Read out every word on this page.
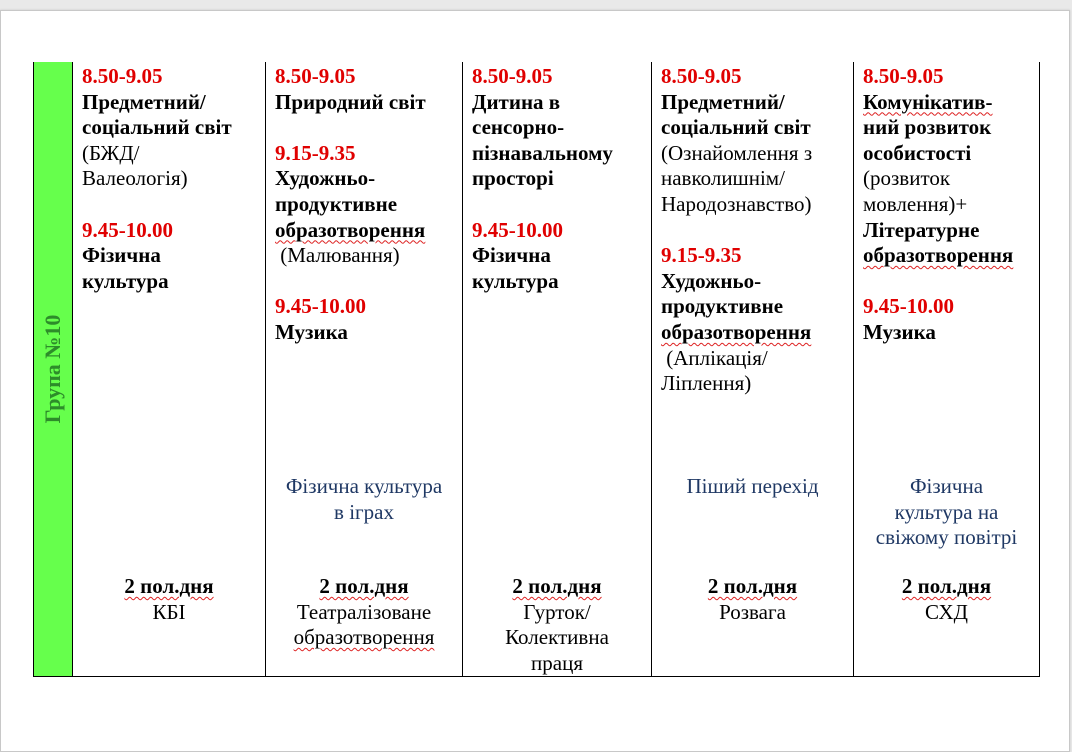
Група №10

8.50-9.05
Предметний/
соціальний світ
(БЖД/
Валеологія)
9.45-10.00
Фізична
культура
2 пол.дня
КБІ

8.50-9.05
Природний світ
9.15-9.35
Художньо-
продуктивне
образотворення
(Малювання)
9.45-10.00
Музика
Фізична культура
в іграх
2 пол.дня
Театралізоване
образотворення

8.50-9.05
Дитина в
сенсорно-
пізнавальному
просторі
9.45-10.00
Фізична
культура
2 пол.дня
Гурток/
Колективна
праця

8.50-9.05
Предметний/
соціальний світ
(Ознайомлення з
навколишнім/
Народознавство)
9.15-9.35
Художньо-
продуктивне
образотворення
(Аплікація/
Ліплення)
Піший перехід
2 пол.дня
Розвага

8.50-9.05
Комунікатив-
ний розвиток
особистості
(розвиток
мовлення)+
Літературне
образотворення
9.45-10.00
Музика
Фізична
культура на
свіжому повітрі
2 пол.дня
СХД
